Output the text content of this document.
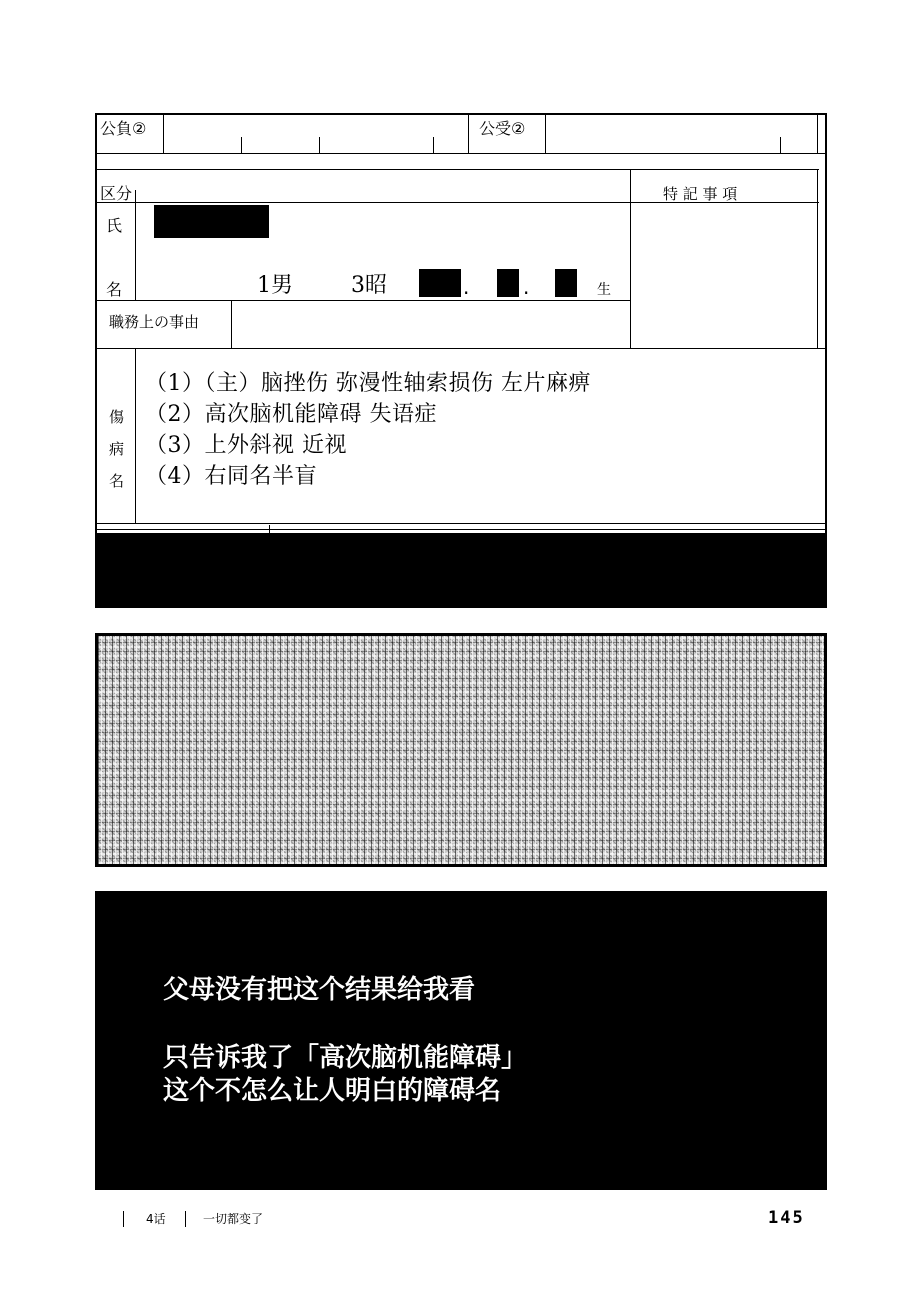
公負②	公受②
区分	特 記 事 項
氏
名	1男	3昭	.	.	生
職務上の事由
傷
病
名
（1）（主）脑挫伤 弥漫性轴索损伤 左片麻痹
（2）高次脑机能障碍 失语症
（3）上外斜视 近视
（4）右同名半盲
父母没有把这个结果给我看
只告诉我了「高次脑机能障碍」
这个不怎么让人明白的障碍名
4话	一切都变了	145
